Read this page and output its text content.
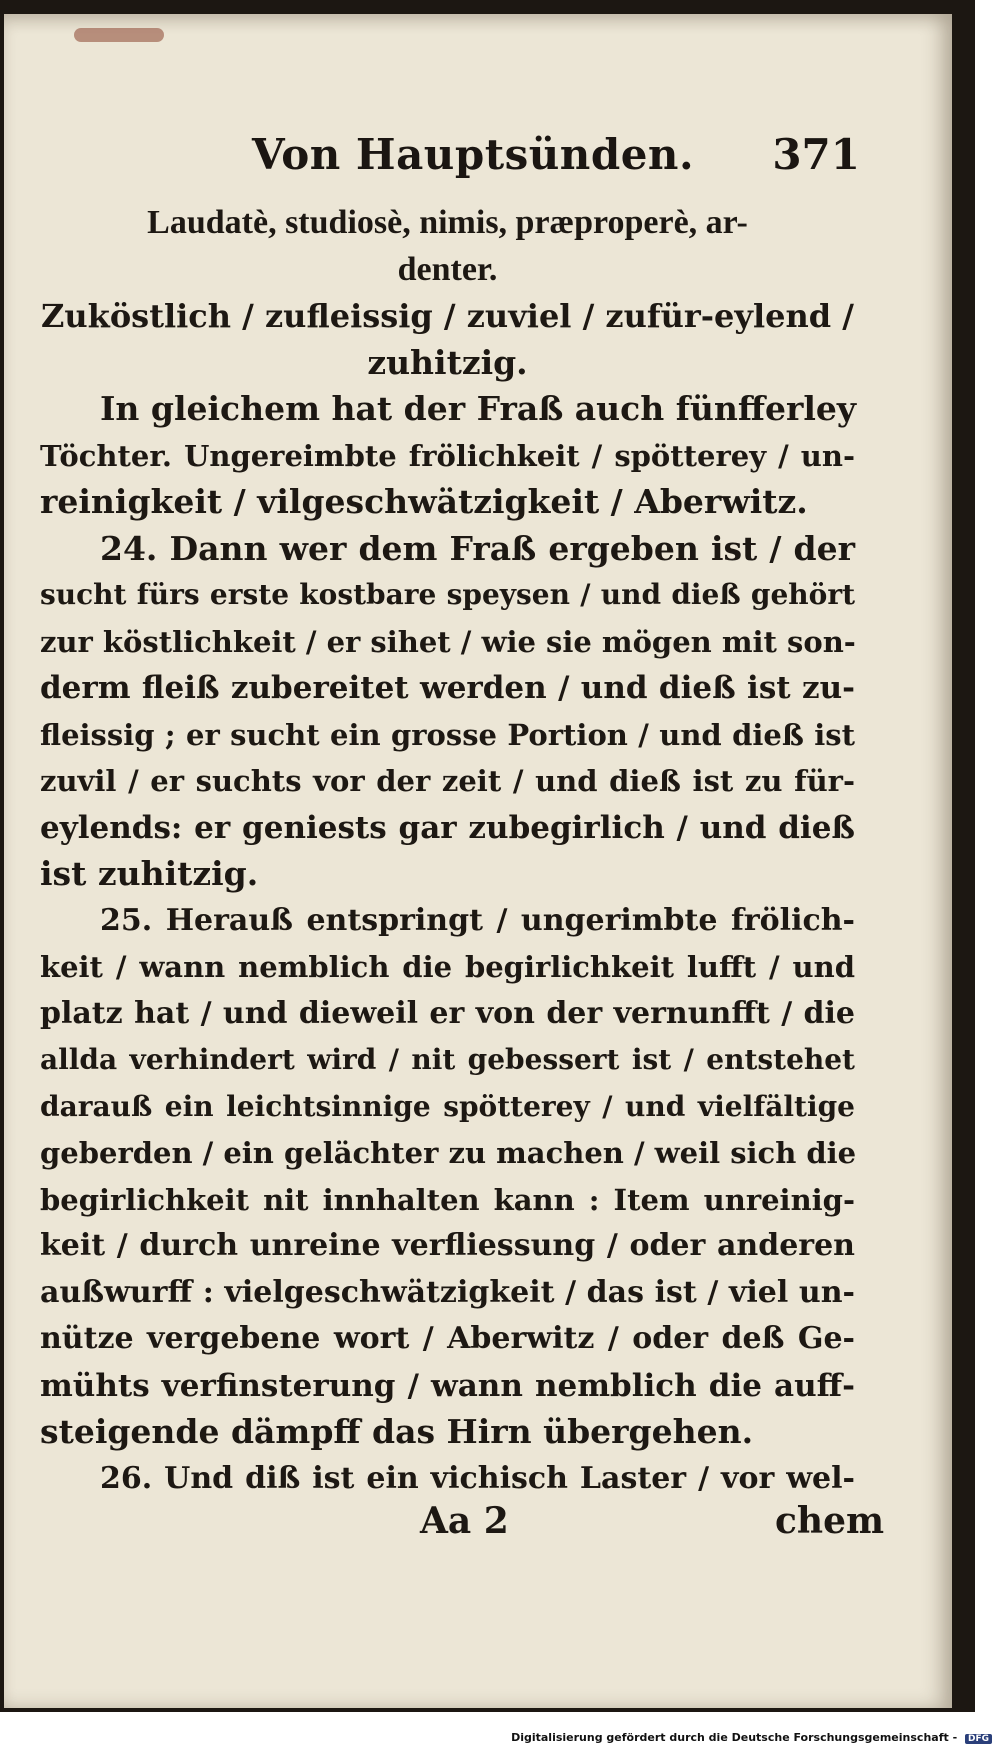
Von Hauptsünden. 371
Laudatè, studiosè, nimis, præproperè, ar-
denter.
Zuköstlich / zufleissig / zuviel / zufür-eylend /
zuhitzig.
In gleichem hat der Fraß auch fünfferley
Töchter. Ungereimbte frölichkeit / spötterey / un-
reinigkeit / vilgeschwätzigkeit / Aberwitz.
24. Dann wer dem Fraß ergeben ist / der
sucht fürs erste kostbare speysen / und dieß gehört
zur köstlichkeit / er sihet / wie sie mögen mit son-
derm fleiß zubereitet werden / und dieß ist zu-
fleissig ; er sucht ein grosse Portion / und dieß ist
zuvil / er suchts vor der zeit / und dieß ist zu für-
eylends: er geniests gar zubegirlich / und dieß
ist zuhitzig.
25. Herauß entspringt / ungerimbte frölich-
keit / wann nemblich die begirlichkeit lufft / und
platz hat / und dieweil er von der vernunfft / die
allda verhindert wird / nit gebessert ist / entstehet
darauß ein leichtsinnige spötterey / und vielfältige
geberden / ein gelächter zu machen / weil sich die
begirlichkeit nit innhalten kann : Item unreinig-
keit / durch unreine verfliessung / oder anderen
außwurff : vielgeschwätzigkeit / das ist / viel un-
nütze vergebene wort / Aberwitz / oder deß Ge-
mühts verfinsterung / wann nemblich die auff-
steigende dämpff das Hirn übergehen.
26. Und diß ist ein vichisch Laster / vor wel-
Aa 2	chem
Digitalisierung gefördert durch die Deutsche Forschungsgemeinschaft - DFG
